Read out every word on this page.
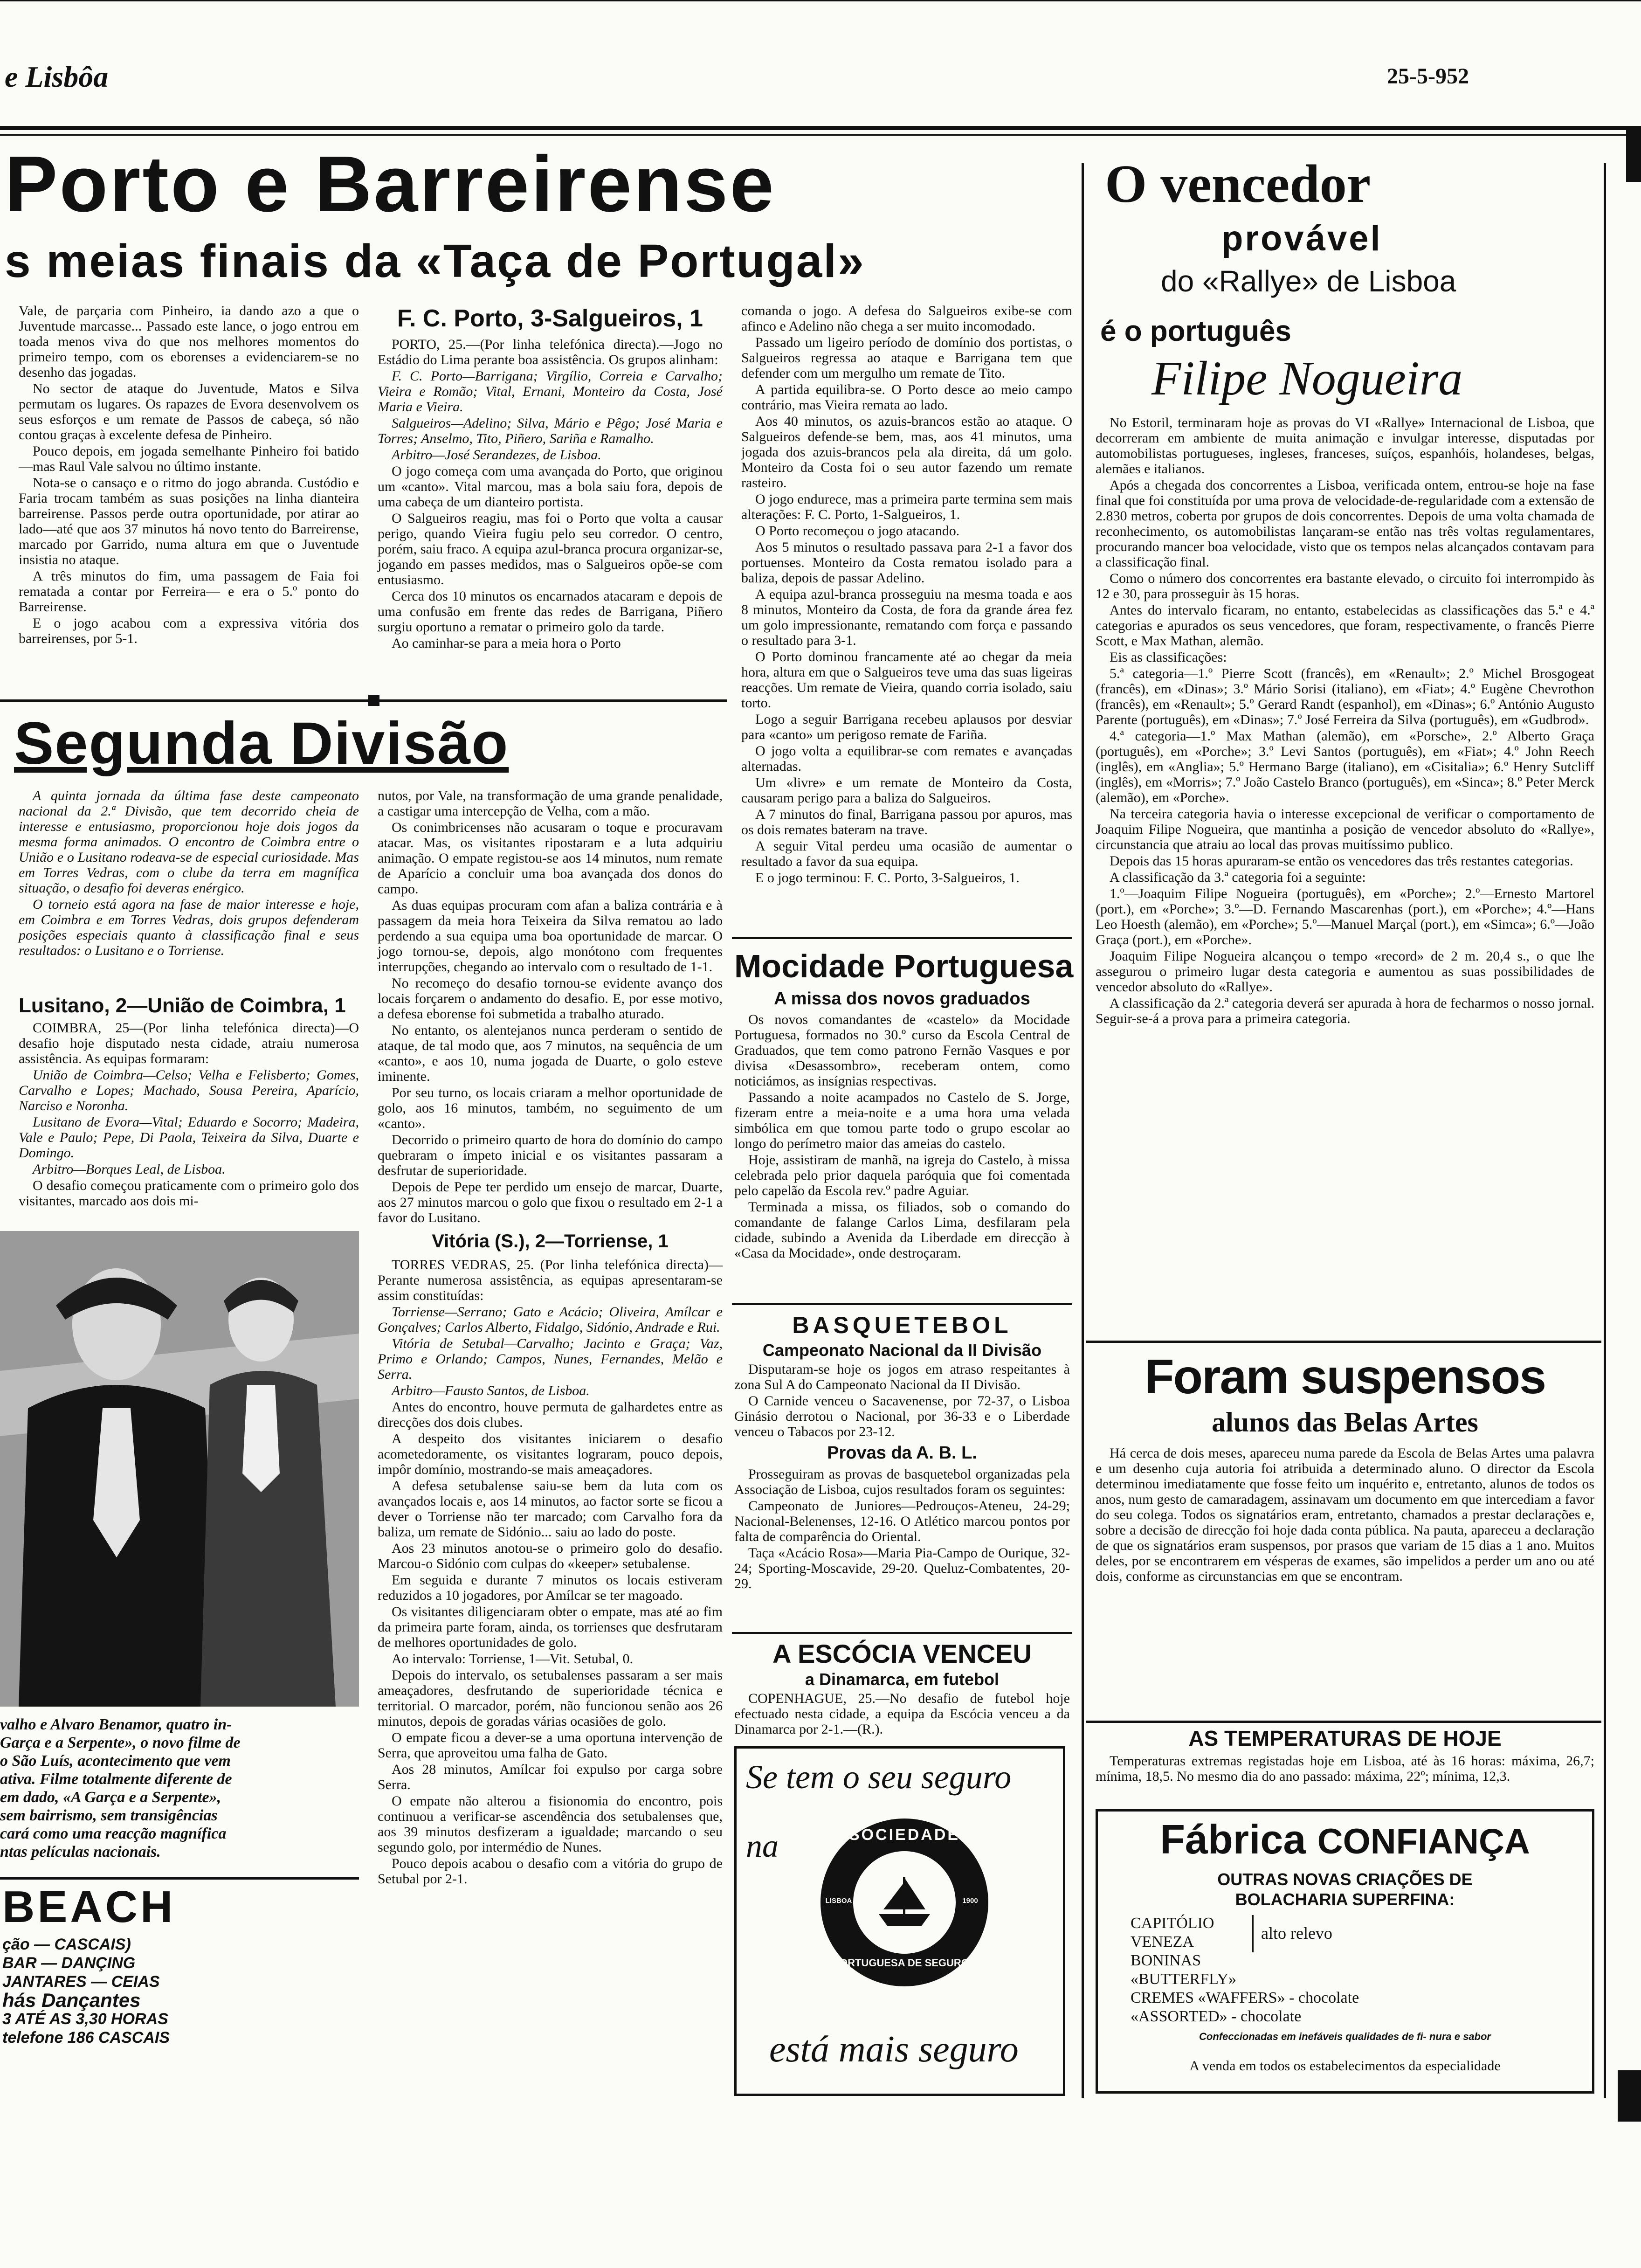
e Lisbôa	25-5-952
Porto e Barreirense
s meias finais da «Taça de Portugal»

Vale, de parçaria com Pinheiro, ia dando azo a que o Juventude marcasse... Passado este lance, o jogo entrou em toada menos viva do que nos melhores momentos do primeiro tempo, com os eborenses a evidenciarem-se no desenho das jogadas.

No sector de ataque do Juventude, Matos e Silva permutam os lugares. Os rapazes de Evora desenvolvem os seus esforços e um remate de Passos de cabeça, só não contou graças à excelente defesa de Pinheiro.

Pouco depois, em jogada semelhante Pinheiro foi batido—mas Raul Vale salvou no último instante.

Nota-se o cansaço e o ritmo do jogo abranda. Custódio e Faria trocam também as suas posições na linha dianteira barreirense. Passos perde outra oportunidade, por atirar ao lado—até que aos 37 minutos há novo tento do Barreirense, marcado por Garrido, numa altura em que o Juventude insistia no ataque.

A três minutos do fim, uma passagem de Faia foi rematada a contar por Ferreira— e era o 5.º ponto do Barreirense.

E o jogo acabou com a expressiva vitória dos barreirenses, por 5-1.

F. C. Porto, 3-Salgueiros, 1

PORTO, 25.—(Por linha telefónica directa).—Jogo no Estádio do Lima perante boa assistência. Os grupos alinham:

F. C. Porto—Barrigana; Virgílio, Correia e Carvalho; Vieira e Romão; Vital, Ernani, Monteiro da Costa, José Maria e Vieira.

Salgueiros—Adelino; Silva, Mário e Pêgo; José Maria e Torres; Anselmo, Tito, Piñero, Sariña e Ramalho.

Arbitro—José Serandezes, de Lisboa.

O jogo começa com uma avançada do Porto, que originou um «canto». Vital marcou, mas a bola saiu fora, depois de uma cabeça de um dianteiro portista.

O Salgueiros reagiu, mas foi o Porto que volta a causar perigo, quando Vieira fugiu pelo seu corredor. O centro, porém, saiu fraco. A equipa azul-branca procura organizar-se, jogando em passes medidos, mas o Salgueiros opõe-se com entusiasmo.

Cerca dos 10 minutos os encarnados atacaram e depois de uma confusão em frente das redes de Barrigana, Piñero surgiu oportuno a rematar o primeiro golo da tarde.

Ao caminhar-se para a meia hora o Porto

comanda o jogo. A defesa do Salgueiros exibe-se com afinco e Adelino não chega a ser muito incomodado.

Passado um ligeiro período de domínio dos portistas, o Salgueiros regressa ao ataque e Barrigana tem que defender com um mergulho um remate de Tito.

A partida equilibra-se. O Porto desce ao meio campo contrário, mas Vieira remata ao lado.

Aos 40 minutos, os azuis-brancos estão ao ataque. O Salgueiros defende-se bem, mas, aos 41 minutos, uma jogada dos azuis-brancos pela ala direita, dá um golo. Monteiro da Costa foi o seu autor fazendo um remate rasteiro.

O jogo endurece, mas a primeira parte termina sem mais alterações: F. C. Porto, 1-Salgueiros, 1.

O Porto recomeçou o jogo atacando.

Aos 5 minutos o resultado passava para 2-1 a favor dos portuenses. Monteiro da Costa rematou isolado para a baliza, depois de passar Adelino.

A equipa azul-branca prosseguiu na mesma toada e aos 8 minutos, Monteiro da Costa, de fora da grande área fez um golo impressionante, rematando com força e passando o resultado para 3-1.

O Porto dominou francamente até ao chegar da meia hora, altura em que o Salgueiros teve uma das suas ligeiras reacções. Um remate de Vieira, quando corria isolado, saiu torto.

Logo a seguir Barrigana recebeu aplausos por desviar para «canto» um perigoso remate de Fariña.

O jogo volta a equilibrar-se com remates e avançadas alternadas.

Um «livre» e um remate de Monteiro da Costa, causaram perigo para a baliza do Salgueiros.

A 7 minutos do final, Barrigana passou por apuros, mas os dois remates bateram na trave.

A seguir Vital perdeu uma ocasião de aumentar o resultado a favor da sua equipa.

E o jogo terminou: F. C. Porto, 3-Salgueiros, 1.

Segunda Divisão

A quinta jornada da última fase deste campeonato nacional da 2.ª Divisão, que tem decorrido cheia de interesse e entusiasmo, proporcionou hoje dois jogos da mesma forma animados. O encontro de Coimbra entre o União e o Lusitano rodeava-se de especial curiosidade. Mas em Torres Vedras, com o clube da terra em magnífica situação, o desafio foi deveras enérgico.

O torneio está agora na fase de maior interesse e hoje, em Coimbra e em Torres Vedras, dois grupos defenderam posições especiais quanto à classificação final e seus resultados: o Lusitano e o Torriense.

Lusitano, 2—União de Coimbra, 1

COIMBRA, 25—(Por linha telefónica directa)—O desafio hoje disputado nesta cidade, atraiu numerosa assistência. As equipas formaram:

União de Coimbra—Celso; Velha e Felisberto; Gomes, Carvalho e Lopes; Machado, Sousa Pereira, Aparício, Narciso e Noronha.

Lusitano de Evora—Vital; Eduardo e Socorro; Madeira, Vale e Paulo; Pepe, Di Paola, Teixeira da Silva, Duarte e Domingo.

Arbitro—Borques Leal, de Lisboa.

O desafio começou praticamente com o primeiro golo dos visitantes, marcado aos dois mi-

nutos, por Vale, na transformação de uma grande penalidade, a castigar uma intercepção de Velha, com a mão.

Os conimbricenses não acusaram o toque e procuravam atacar. Mas, os visitantes ripostaram e a luta adquiriu animação. O empate registou-se aos 14 minutos, num remate de Aparício a concluir uma boa avançada dos donos do campo.

As duas equipas procuram com afan a baliza contrária e à passagem da meia hora Teixeira da Silva rematou ao lado perdendo a sua equipa uma boa oportunidade de marcar. O jogo tornou-se, depois, algo monótono com frequentes interrupções, chegando ao intervalo com o resultado de 1-1.

No recomeço do desafio tornou-se evidente avanço dos locais forçarem o andamento do desafio. E, por esse motivo, a defesa eborense foi submetida a trabalho aturado.

No entanto, os alentejanos nunca perderam o sentido de ataque, de tal modo que, aos 7 minutos, na sequência de um «canto», e aos 10, numa jogada de Duarte, o golo esteve iminente.

Por seu turno, os locais criaram a melhor oportunidade de golo, aos 16 minutos, também, no seguimento de um «canto».

Decorrido o primeiro quarto de hora do domínio do campo quebraram o ímpeto inicial e os visitantes passaram a desfrutar de superioridade.

Depois de Pepe ter perdido um ensejo de marcar, Duarte, aos 27 minutos marcou o golo que fixou o resultado em 2-1 a favor do Lusitano.

Vitória (S.), 2—Torriense, 1

TORRES VEDRAS, 25. (Por linha telefónica directa)—Perante numerosa assistência, as equipas apresentaram-se assim constituídas:

Torriense—Serrano; Gato e Acácio; Oliveira, Amílcar e Gonçalves; Carlos Alberto, Fidalgo, Sidónio, Andrade e Rui.

Vitória de Setubal—Carvalho; Jacinto e Graça; Vaz, Primo e Orlando; Campos, Nunes, Fernandes, Melão e Serra.

Arbitro—Fausto Santos, de Lisboa.

Antes do encontro, houve permuta de galhardetes entre as direcções dos dois clubes.

A despeito dos visitantes iniciarem o desafio acometedoramente, os visitantes lograram, pouco depois, impôr domínio, mostrando-se mais ameaçadores.

A defesa setubalense saiu-se bem da luta com os avançados locais e, aos 14 minutos, ao factor sorte se ficou a dever o Torriense não ter marcado; com Carvalho fora da baliza, um remate de Sidónio... saiu ao lado do poste.

Aos 23 minutos anotou-se o primeiro golo do desafio. Marcou-o Sidónio com culpas do «keeper» setubalense.

Em seguida e durante 7 minutos os locais estiveram reduzidos a 10 jogadores, por Amílcar se ter magoado.

Os visitantes diligenciaram obter o empate, mas até ao fim da primeira parte foram, ainda, os torrienses que desfrutaram de melhores oportunidades de golo.

Ao intervalo: Torriense, 1—Vit. Setubal, 0.

Depois do intervalo, os setubalenses passaram a ser mais ameaçadores, desfrutando de superioridade técnica e territorial. O marcador, porém, não funcionou senão aos 26 minutos, depois de goradas várias ocasiões de golo.

O empate ficou a dever-se a uma oportuna intervenção de Serra, que aproveitou uma falha de Gato.

Aos 28 minutos, Amílcar foi expulso por carga sobre Serra.

O empate não alterou a fisionomia do encontro, pois continuou a verificar-se ascendência dos setubalenses que, aos 39 minutos desfizeram a igualdade; marcando o seu segundo golo, por intermédio de Nunes.

Pouco depois acabou o desafio com a vitória do grupo de Setubal por 2-1.

valho e Alvaro Benamor, quatro in-

Garça e a Serpente», o novo filme de

o São Luís, acontecimento que vem

ativa. Filme totalmente diferente de

em dado, «A Garça e a Serpente»,

sem bairrismo, sem transigências

cará como uma reacção magnífica

ntas películas nacionais.

BEACH
ção — CASCAIS)
BAR — DANÇING
JANTARES — CEIAS
hás Dançantes
3 ATÉ AS 3,30 HORAS
telefone 186 CASCAIS
Mocidade Portuguesa
A missa dos novos graduados

Os novos comandantes de «castelo» da Mocidade Portuguesa, formados no 30.º curso da Escola Central de Graduados, que tem como patrono Fernão Vasques e por divisa «Desassombro», receberam ontem, como noticiámos, as insígnias respectivas.

Passando a noite acampados no Castelo de S. Jorge, fizeram entre a meia-noite e a uma hora uma velada simbólica em que tomou parte todo o grupo escolar ao longo do perímetro maior das ameias do castelo.

Hoje, assistiram de manhã, na igreja do Castelo, à missa celebrada pelo prior daquela paróquia que foi comentada pelo capelão da Escola rev.º padre Aguiar.

Terminada a missa, os filiados, sob o comando do comandante de falange Carlos Lima, desfilaram pela cidade, subindo a Avenida da Liberdade em direcção à «Casa da Mocidade», onde destroçaram.

BASQUETEBOL
Campeonato Nacional da II Divisão

Disputaram-se hoje os jogos em atraso respeitantes à zona Sul A do Campeonato Nacional da II Divisão.

O Carnide venceu o Sacavenense, por 72-37, o Lisboa Ginásio derrotou o Nacional, por 36-33 e o Liberdade venceu o Tabacos por 23-12.

Provas da A. B. L.

Prosseguiram as provas de basquetebol organizadas pela Associação de Lisboa, cujos resultados foram os seguintes:

Campeonato de Juniores—Pedrouços-Ateneu, 24-29; Nacional-Belenenses, 12-16. O Atlético marcou pontos por falta de comparência do Oriental.

Taça «Acácio Rosa»—Maria Pia-Campo de Ourique, 32-24; Sporting-Moscavide, 29-20. Queluz-Combatentes, 20-29.

A ESCÓCIA VENCEU
a Dinamarca, em futebol

COPENHAGUE, 25.—No desafio de futebol hoje efectuado nesta cidade, a equipa da Escócia venceu a da Dinamarca por 2-1.—(R.).

Se tem o seu seguro
na	SOCIEDADE
PORTUGUESA DE SEGUROS
LISBOA	1900
está mais seguro
O vencedor
provável
do «Rallye» de Lisboa
é o português
Filipe Nogueira

No Estoril, terminaram hoje as provas do VI «Rallye» Internacional de Lisboa, que decorreram em ambiente de muita animação e invulgar interesse, disputadas por automobilistas portugueses, ingleses, franceses, suíços, espanhóis, holandeses, belgas, alemães e italianos.

Após a chegada dos concorrentes a Lisboa, verificada ontem, entrou-se hoje na fase final que foi constituída por uma prova de velocidade-de-regularidade com a extensão de 2.830 metros, coberta por grupos de dois concorrentes. Depois de uma volta chamada de reconhecimento, os automobilistas lançaram-se então nas três voltas regulamentares, procurando mancer boa velocidade, visto que os tempos nelas alcançados contavam para a classificação final.

Como o número dos concorrentes era bastante elevado, o circuito foi interrompido às 12 e 30, para prosseguir às 15 horas.

Antes do intervalo ficaram, no entanto, estabelecidas as classificações das 5.ª e 4.ª categorias e apurados os seus vencedores, que foram, respectivamente, o francês Pierre Scott, e Max Mathan, alemão.

Eis as classificações:

5.ª categoria—1.º Pierre Scott (francês), em «Renault»; 2.º Michel Brosgogeat (francês), em «Dinas»; 3.º Mário Sorisi (italiano), em «Fiat»; 4.º Eugène Chevrothon (francês), em «Renault»; 5.º Gerard Randt (espanhol), em «Dinas»; 6.º António Augusto Parente (português), em «Dinas»; 7.º José Ferreira da Silva (português), em «Gudbrod».

4.ª categoria—1.º Max Mathan (alemão), em «Porsche», 2.º Alberto Graça (português), em «Porche»; 3.º Levi Santos (português), em «Fiat»; 4.º John Reech (inglês), em «Anglia»; 5.º Hermano Barge (italiano), em «Cisitalia»; 6.º Henry Sutcliff (inglês), em «Morris»; 7.º João Castelo Branco (português), em «Sinca»; 8.º Peter Merck (alemão), em «Porche».

Na terceira categoria havia o interesse excepcional de verificar o comportamento de Joaquim Filipe Nogueira, que mantinha a posição de vencedor absoluto do «Rallye», circunstancia que atraiu ao local das provas muitíssimo publico.

Depois das 15 horas apuraram-se então os vencedores das três restantes categorias.

A classificação da 3.ª categoria foi a seguinte:

1.º—Joaquim Filipe Nogueira (português), em «Porche»; 2.º—Ernesto Martorel (port.), em «Porche»; 3.º—D. Fernando Mascarenhas (port.), em «Porche»; 4.º—Hans Leo Hoesth (alemão), em «Porche»; 5.º—Manuel Marçal (port.), em «Simca»; 6.º—João Graça (port.), em «Porche».

Joaquim Filipe Nogueira alcançou o tempo «record» de 2 m. 20,4 s., o que lhe assegurou o primeiro lugar desta categoria e aumentou as suas possibilidades de vencedor absoluto do «Rallye».

A classificação da 2.ª categoria deverá ser apurada à hora de fecharmos o nosso jornal. Seguir-se-á a prova para a primeira categoria.

Foram suspensos
alunos das Belas Artes

Há cerca de dois meses, apareceu numa parede da Escola de Belas Artes uma palavra e um desenho cuja autoria foi atribuida a determinado aluno. O director da Escola determinou imediatamente que fosse feito um inquérito e, entretanto, alunos de todos os anos, num gesto de camaradagem, assinavam um documento em que intercediam a favor do seu colega. Todos os signatários eram, entretanto, chamados a prestar declarações e, sobre a decisão de direcção foi hoje dada conta pública. Na pauta, apareceu a declaração de que os signatários eram suspensos, por prasos que variam de 15 dias a 1 ano. Muitos deles, por se encontrarem em vésperas de exames, são impelidos a perder um ano ou até dois, conforme as circunstancias em que se encontram.

AS TEMPERATURAS DE HOJE

Temperaturas extremas registadas hoje em Lisboa, até às 16 horas: máxima, 26,7; mínima, 18,5. No mesmo dia do ano passado: máxima, 22º; mínima, 12,3.

Fábrica CONFIANÇA
OUTRAS NOVAS CRIAÇÕES DE
BOLACHARIA SUPERFINA:
CAPITÓLIO
VENEZA
BONINAS
«BUTTERFLY»
CREMES «WAFFERS» - chocolate
«ASSORTED» - chocolate
alto relevo
Confeccionadas em inefáveis qualidades de fi- nura e sabor
A venda em todos os estabelecimentos da especialidade
